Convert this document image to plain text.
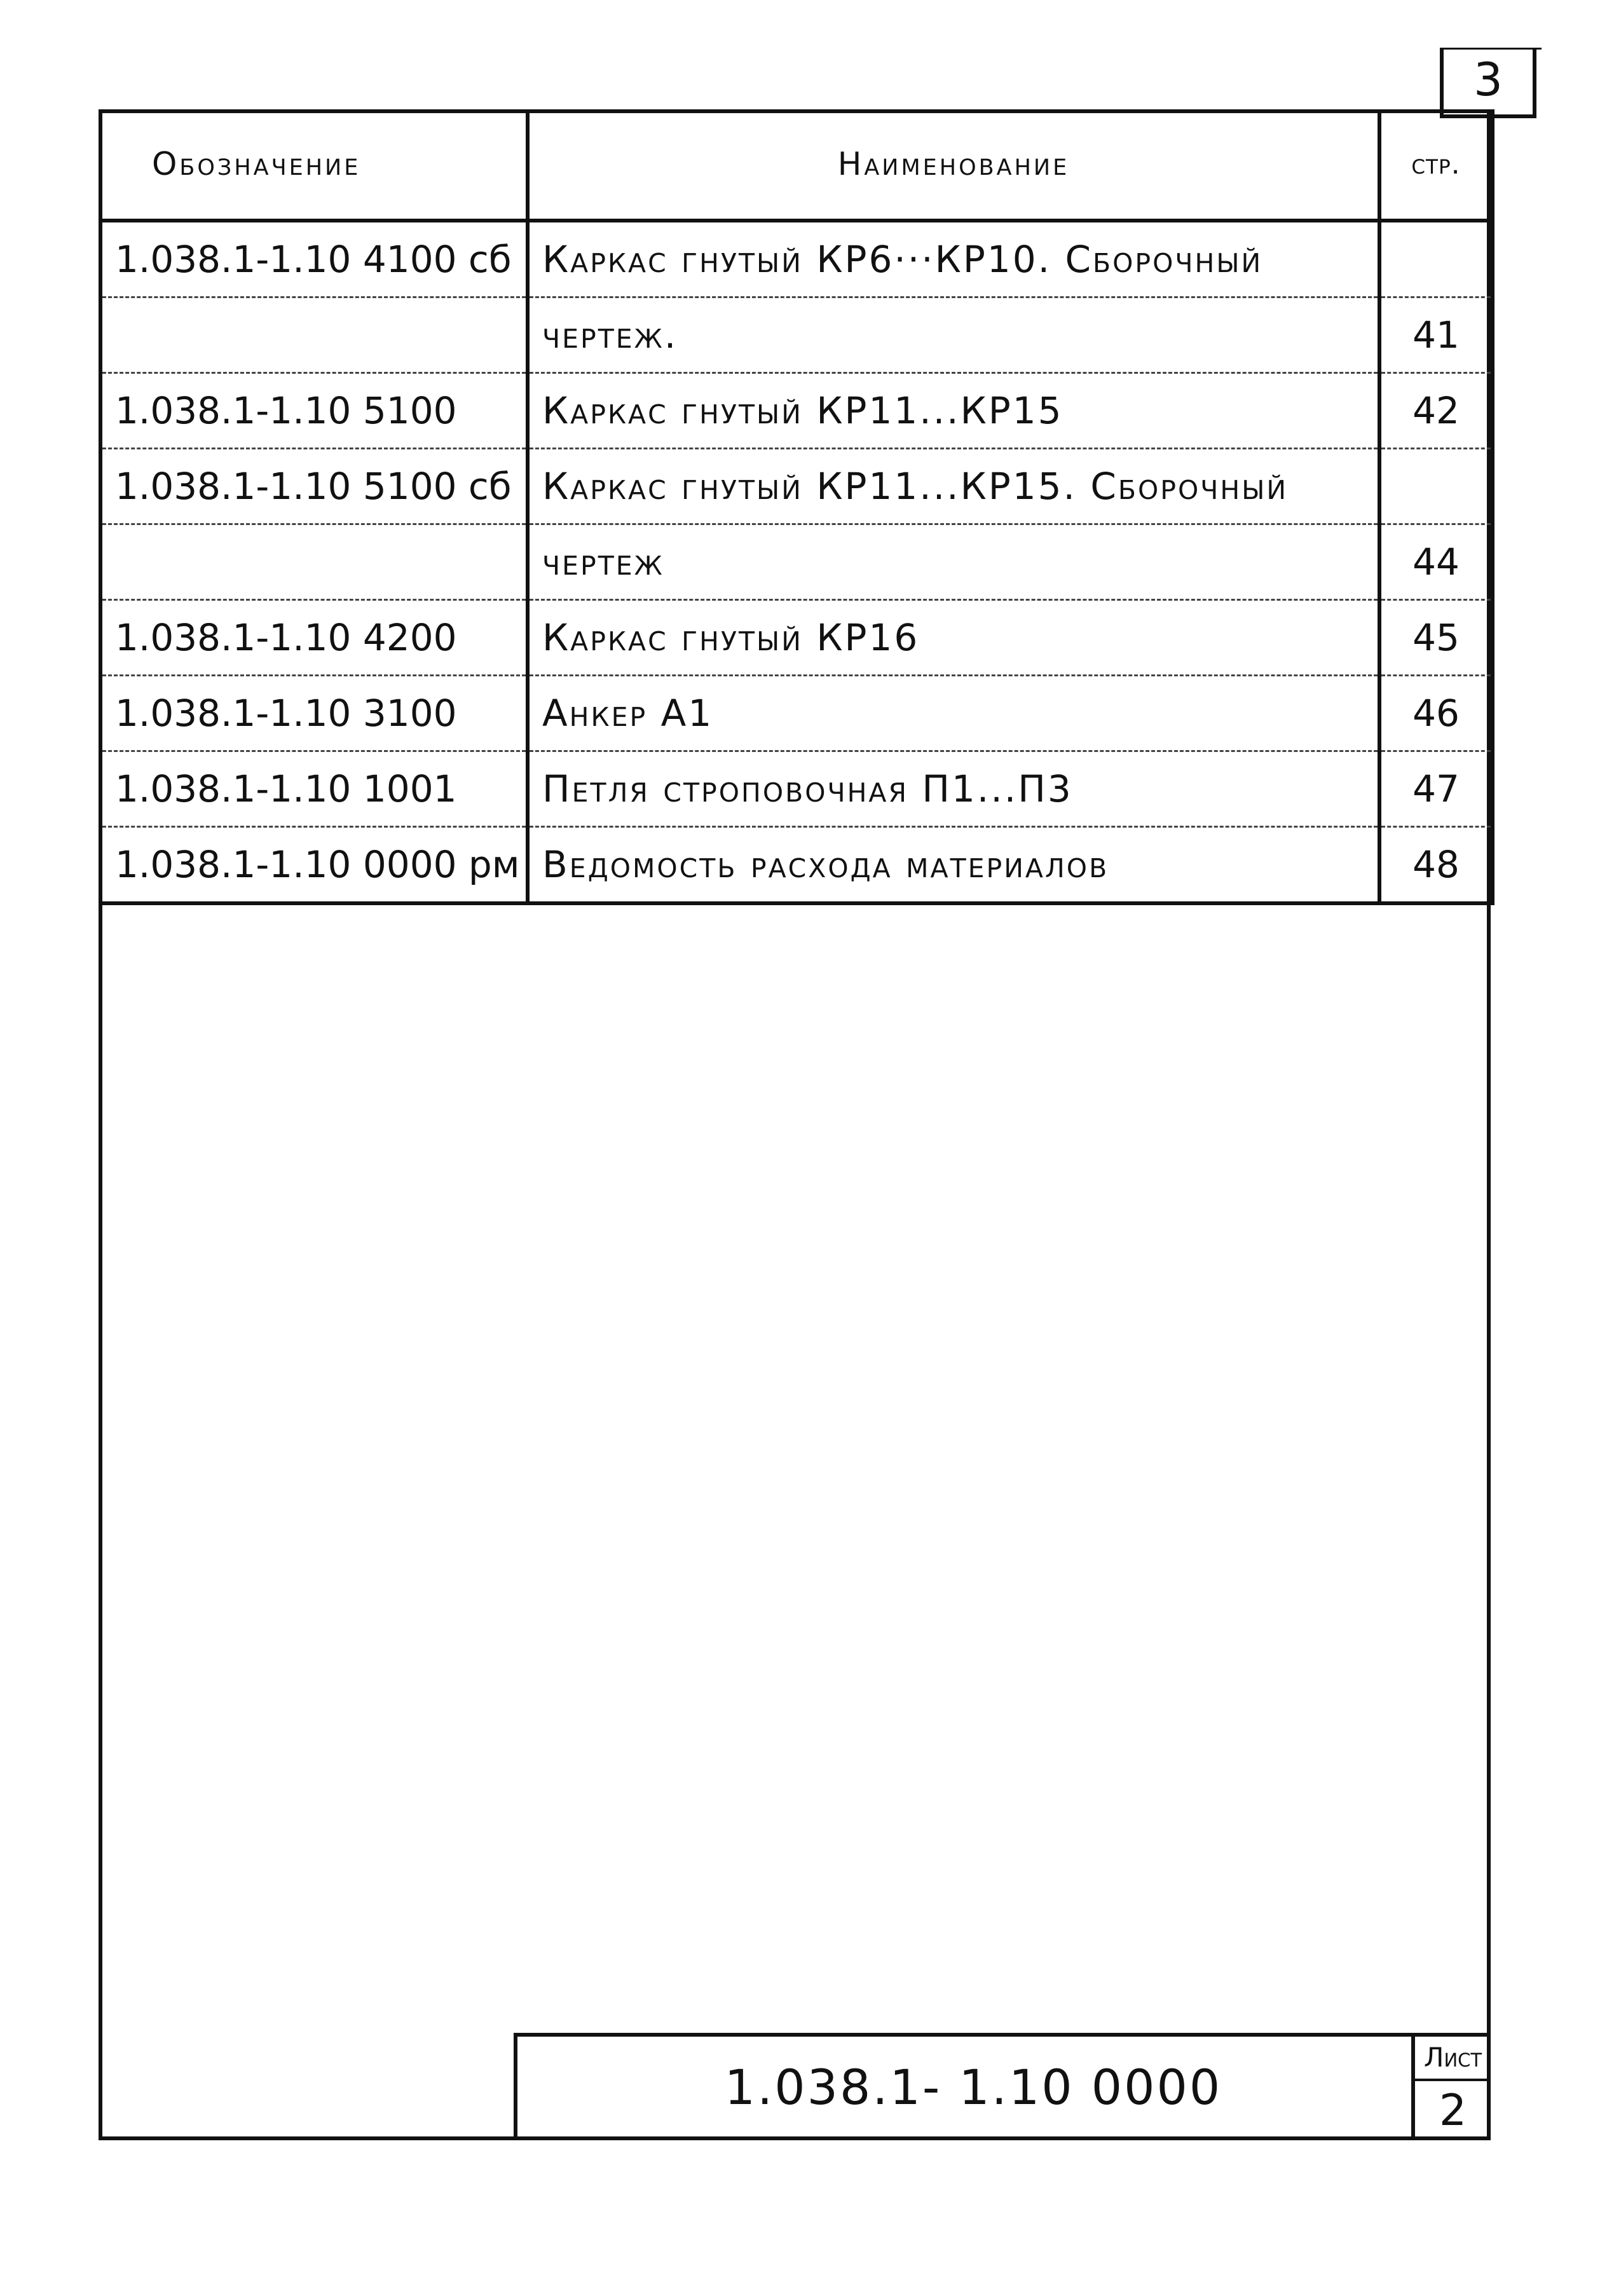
3
Обозначение	Наименование	стр.
1.038.1-1.10 4100 сб	Каркас гнутый КР6···КР10. Сборочный	
	чертеж.	41
1.038.1-1.10 5100	Каркас гнутый КР11...КР15	42
1.038.1-1.10 5100 сб	Каркас гнутый КР11...КР15. Сборочный	
	чертеж	44
1.038.1-1.10 4200	Каркас гнутый КР16	45
1.038.1-1.10 3100	Анкер А1	46
1.038.1-1.10 1001	Петля строповочная П1...П3	47
1.038.1-1.10 0000 рм	Ведомость расхода материалов	48
1.038.1- 1.10 0000
Лист
2
